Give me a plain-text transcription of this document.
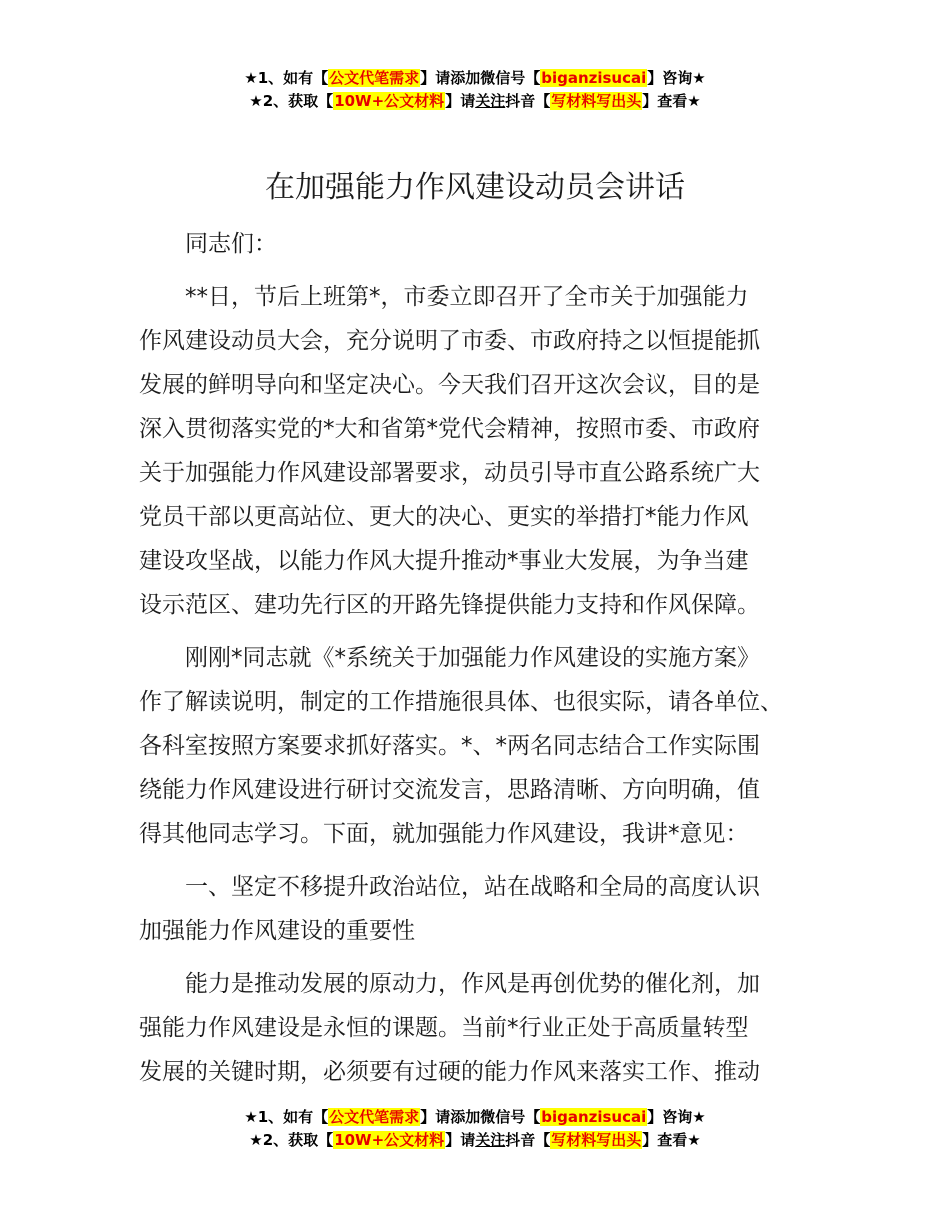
★1、如有【公文代笔需求】请添加微信号【biganzisucai】咨询★
★2、获取【10W+公文材料】请关注抖音【写材料写出头】查看★
在加强能力作风建设动员会讲话

同志们：

**日，节后上班第*，市委立即召开了全市关于加强能力
作风建设动员大会，充分说明了市委、市政府持之以恒提能抓
发展的鲜明导向和坚定决心。今天我们召开这次会议，目的是
深入贯彻落实党的*大和省第*党代会精神，按照市委、市政府
关于加强能力作风建设部署要求，动员引导市直公路系统广大
党员干部以更高站位、更大的决心、更实的举措打*能力作风
建设攻坚战，以能力作风大提升推动*事业大发展，为争当建
设示范区、建功先行区的开路先锋提供能力支持和作风保障。

刚刚*同志就《*系统关于加强能力作风建设的实施方案》
作了解读说明，制定的工作措施很具体、也很实际，请各单位、
各科室按照方案要求抓好落实。*、*两名同志结合工作实际围
绕能力作风建设进行研讨交流发言，思路清晰、方向明确，值
得其他同志学习。下面，就加强能力作风建设，我讲*意见：

一、坚定不移提升政治站位，站在战略和全局的高度认识
加强能力作风建设的重要性

能力是推动发展的原动力，作风是再创优势的催化剂，加
强能力作风建设是永恒的课题。当前*行业正处于高质量转型
发展的关键时期，必须要有过硬的能力作风来落实工作、推动

★1、如有【公文代笔需求】请添加微信号【biganzisucai】咨询★
★2、获取【10W+公文材料】请关注抖音【写材料写出头】查看★
